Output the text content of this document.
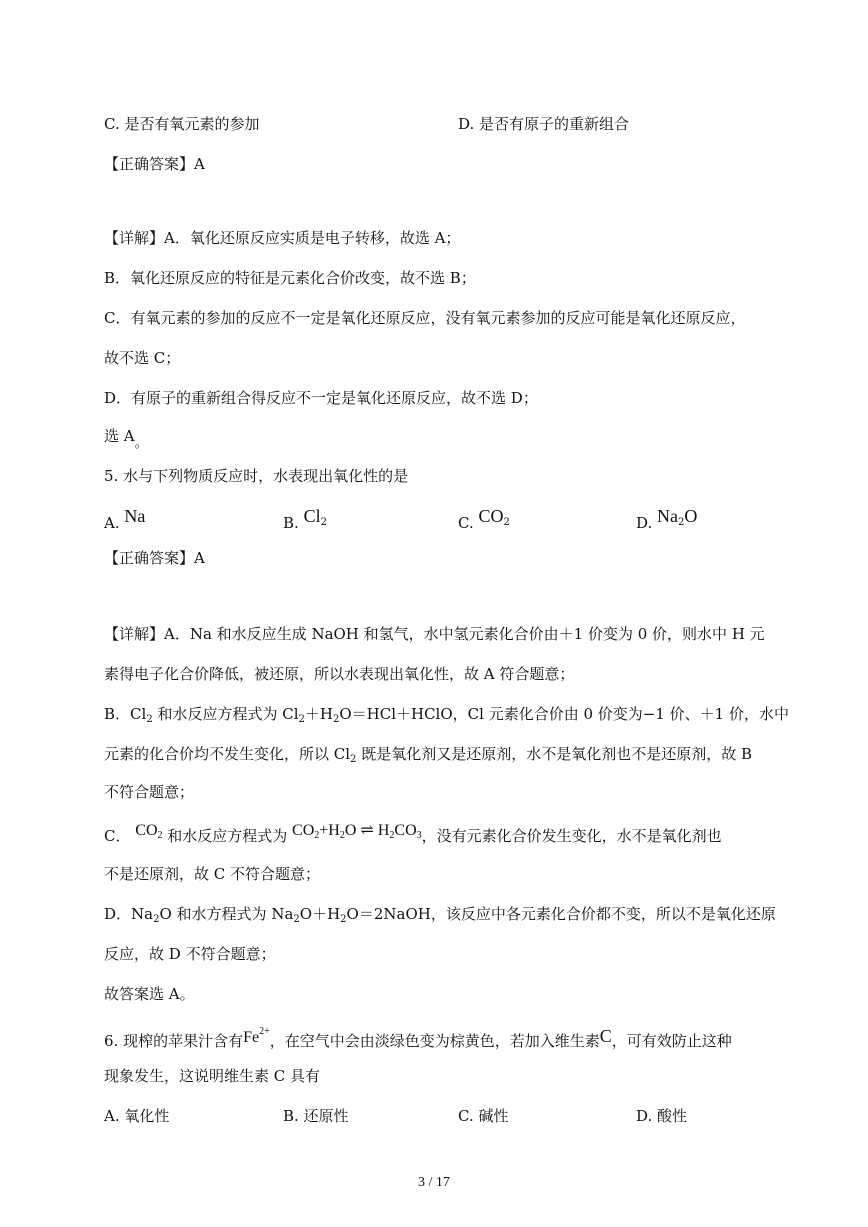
C. 是否有氧元素的参加	D. 是否有原子的重新组合
【正确答案】A
【详解】A．氧化还原反应实质是电子转移，故选 A；
B．氧化还原反应的特征是元素化合价改变，故不选 B；
C．有氧元素的参加的反应不一定是氧化还原反应，没有氧元素参加的反应可能是氧化还原反应，
故不选 C；
D．有原子的重新组合得反应不一定是氧化还原反应，故不选 D；
选 A。
5. 水与下列物质反应时，水表现出氧化性的是
A. Na	B. $Cl_2$	C. $CO_2$	D. $Na_2O$
【正确答案】A
【详解】A．Na 和水反应生成 NaOH 和氢气，水中氢元素化合价由＋1 价变为 0 价，则水中 H 元
素得电子化合价降低，被还原，所以水表现出氧化性，故 A 符合题意；
B．$Cl_2$ 和水反应方程式为 $Cl_2+H_2O=HCl+HClO$，Cl 元素化合价由 0 价变为−1 价、＋1 价，水中
元素的化合价均不发生变化，所以 $Cl_2$ 既是氧化剂又是还原剂，水不是氧化剂也不是还原剂，故 B
不符合题意；
C． $CO_2$ 和水反应方程式为 $CO_2+H_2O$ ⇌ $H_2CO_3$，没有元素化合价发生变化，水不是氧化剂也
不是还原剂，故 C 不符合题意；
D．$Na_2O$ 和水方程式为 $Na_2O+H_2O=2NaOH$，该反应中各元素化合价都不变，所以不是氧化还原
反应，故 D 不符合题意；
故答案选 A。
6. 现榨的苹果汁含有$Fe^{2+}$，在空气中会由淡绿色变为棕黄色，若加入维生素C，可有效防止这种
现象发生，这说明维生素 C 具有
A. 氧化性	B. 还原性	C. 碱性	D. 酸性
3 / 17
